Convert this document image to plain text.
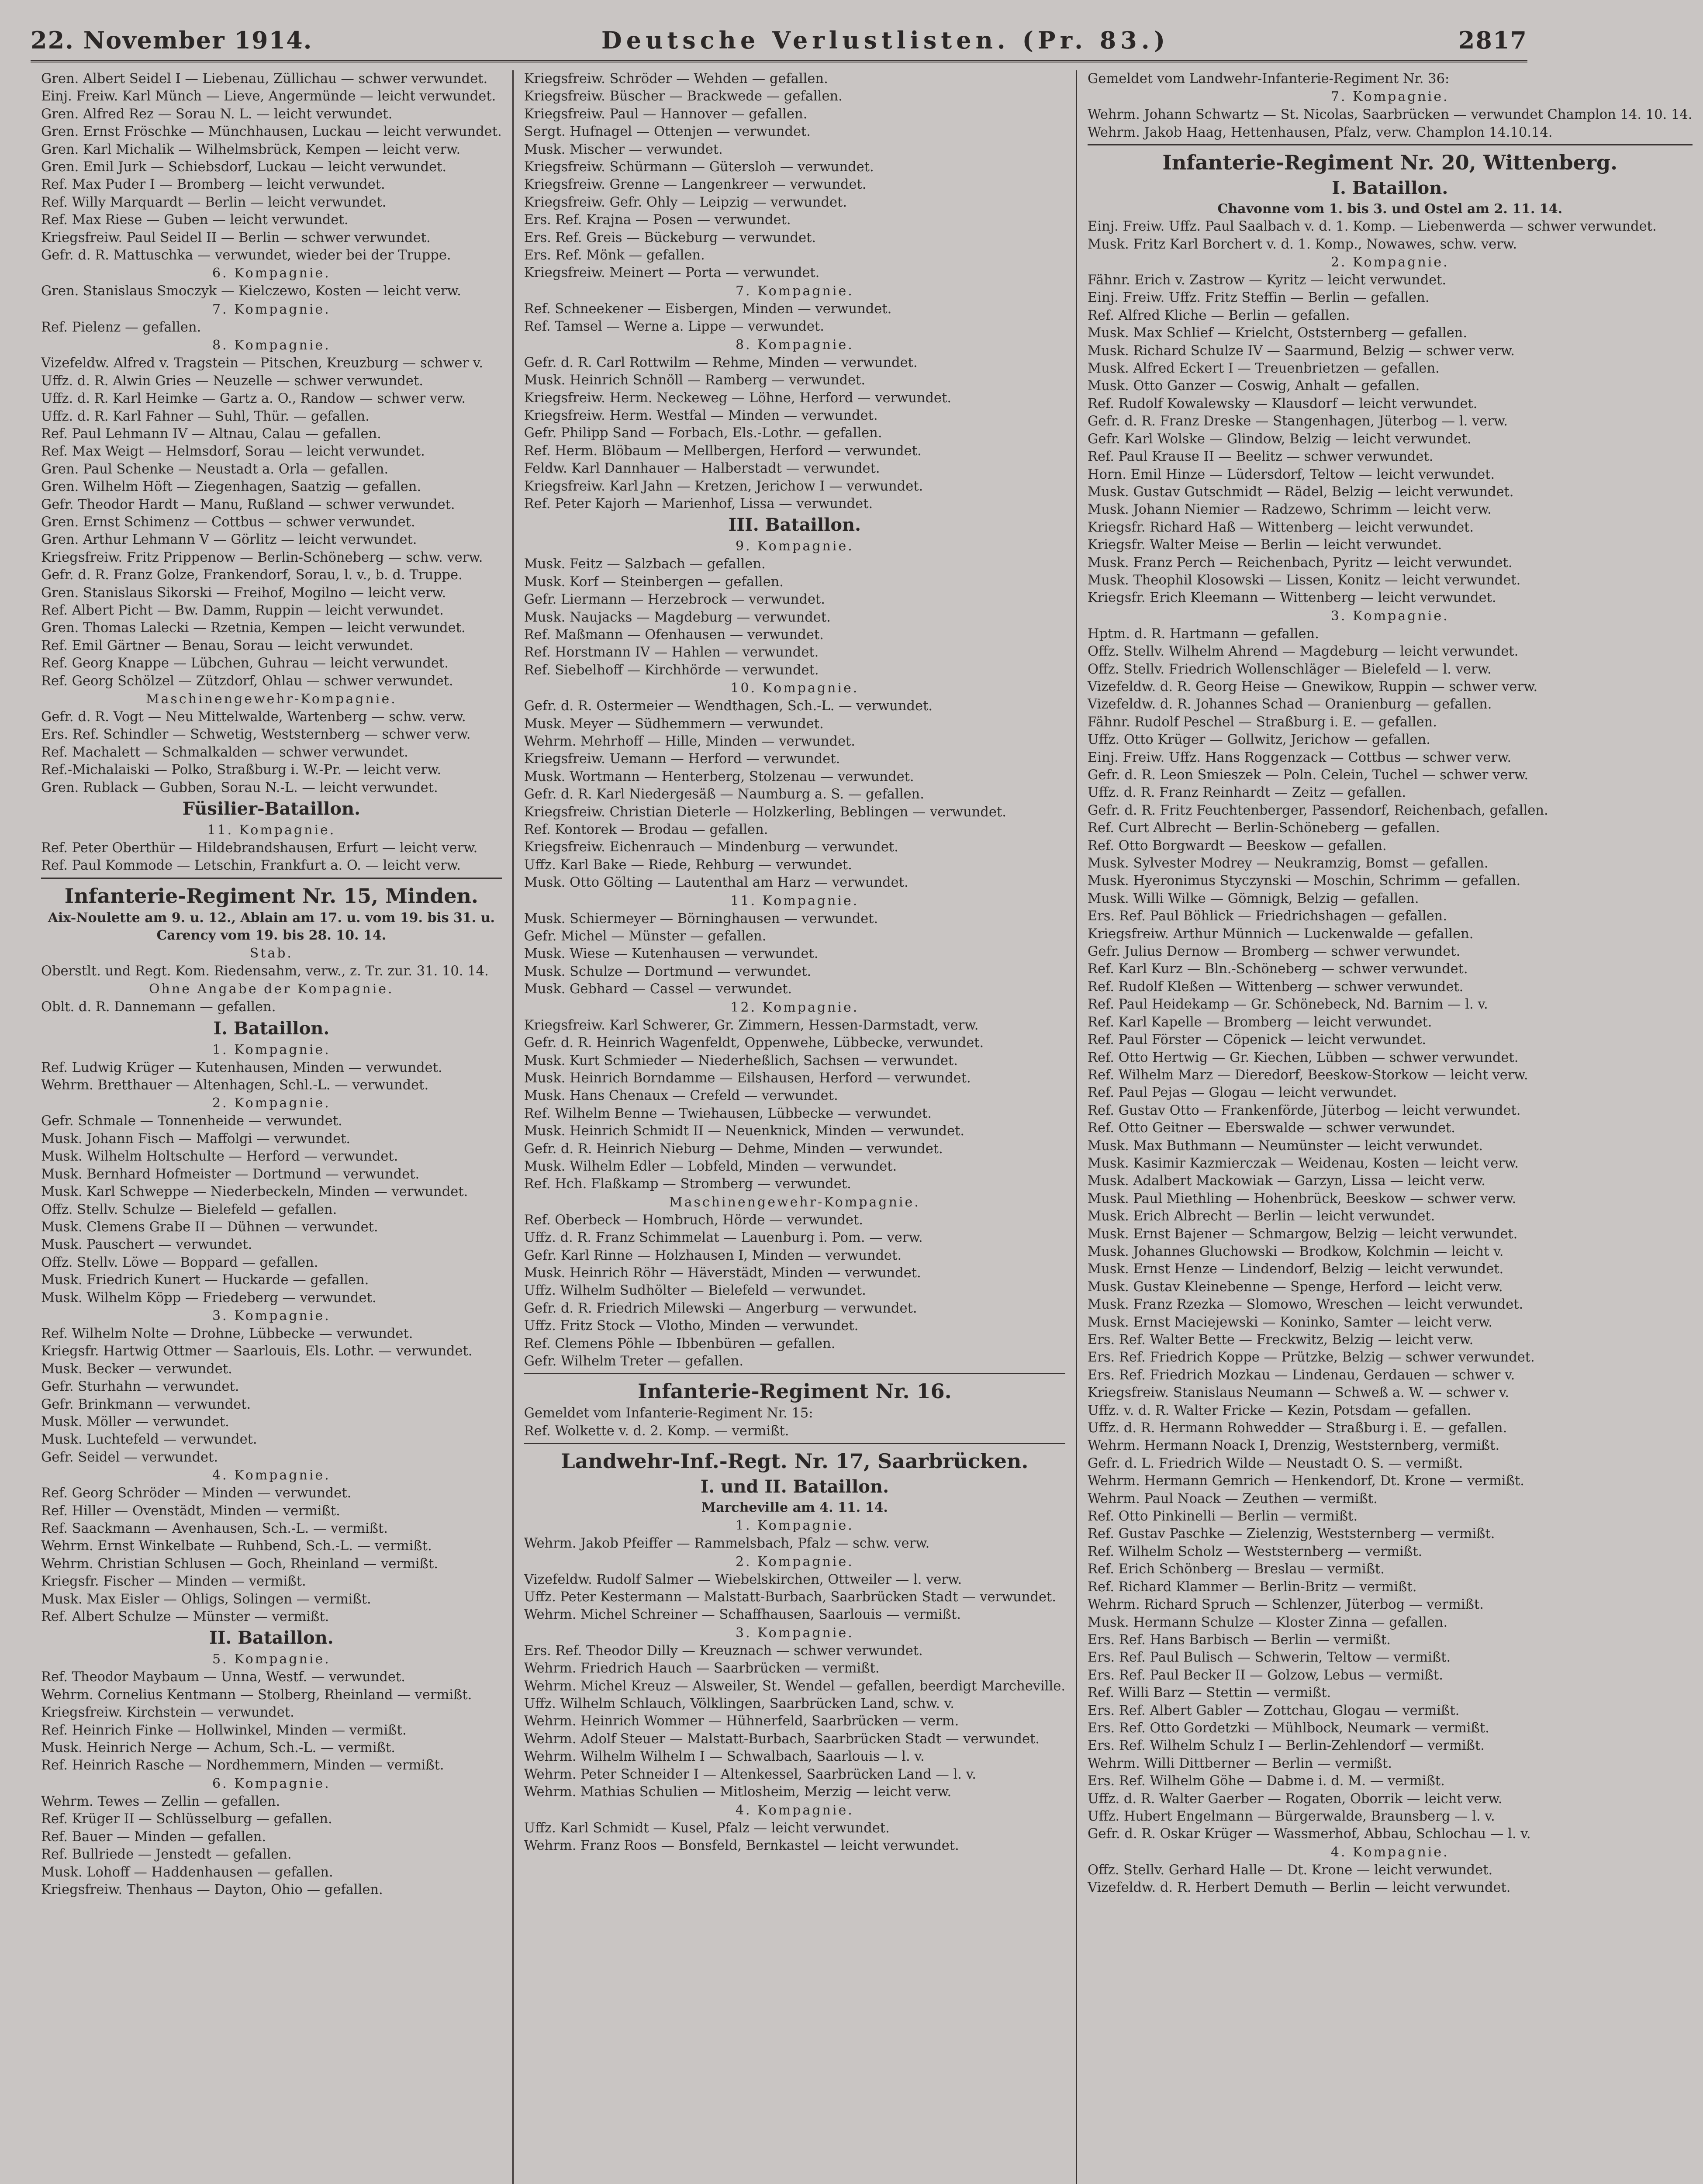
22. November 1914.	Deutsche Verlustlisten. (Pr. 83.)	2817
Gren. Albert Seidel I — Liebenau, Züllichau — schwer verwundet.
Einj. Freiw. Karl Münch — Lieve, Angermünde — leicht verwundet.
Gren. Alfred Rez — Sorau N. L. — leicht verwundet.
Gren. Ernst Fröschke — Münchhausen, Luckau — leicht verwundet.
Gren. Karl Michalik — Wilhelmsbrück, Kempen — leicht verw.
Gren. Emil Jurk — Schiebsdorf, Luckau — leicht verwundet.
Ref. Max Puder I — Bromberg — leicht verwundet.
Ref. Willy Marquardt — Berlin — leicht verwundet.
Ref. Max Riese — Guben — leicht verwundet.
Kriegsfreiw. Paul Seidel II — Berlin — schwer verwundet.
Gefr. d. R. Mattuschka — verwundet, wieder bei der Truppe.
6. Kompagnie.
Gren. Stanislaus Smoczyk — Kielczewo, Kosten — leicht verw.
7. Kompagnie.
Ref. Pielenz — gefallen.
8. Kompagnie.
Vizefeldw. Alfred v. Tragstein — Pitschen, Kreuzburg — schwer v.
Uffz. d. R. Alwin Gries — Neuzelle — schwer verwundet.
Uffz. d. R. Karl Heimke — Gartz a. O., Randow — schwer verw.
Uffz. d. R. Karl Fahner — Suhl, Thür. — gefallen.
Ref. Paul Lehmann IV — Altnau, Calau — gefallen.
Ref. Max Weigt — Helmsdorf, Sorau — leicht verwundet.
Gren. Paul Schenke — Neustadt a. Orla — gefallen.
Gren. Wilhelm Höft — Ziegenhagen, Saatzig — gefallen.
Gefr. Theodor Hardt — Manu, Rußland — schwer verwundet.
Gren. Ernst Schimenz — Cottbus — schwer verwundet.
Gren. Arthur Lehmann V — Görlitz — leicht verwundet.
Kriegsfreiw. Fritz Prippenow — Berlin-Schöneberg — schw. verw.
Gefr. d. R. Franz Golze, Frankendorf, Sorau, l. v., b. d. Truppe.
Gren. Stanislaus Sikorski — Freihof, Mogilno — leicht verw.
Ref. Albert Picht — Bw. Damm, Ruppin — leicht verwundet.
Gren. Thomas Lalecki — Rzetnia, Kempen — leicht verwundet.
Ref. Emil Gärtner — Benau, Sorau — leicht verwundet.
Ref. Georg Knappe — Lübchen, Guhrau — leicht verwundet.
Ref. Georg Schölzel — Zützdorf, Ohlau — schwer verwundet.
Maschinengewehr-Kompagnie.
Gefr. d. R. Vogt — Neu Mittelwalde, Wartenberg — schw. verw.
Ers. Ref. Schindler — Schwetig, Weststernberg — schwer verw.
Ref. Machalett — Schmalkalden — schwer verwundet.
Ref.-Michalaiski — Polko, Straßburg i. W.-Pr. — leicht verw.
Gren. Rublack — Gubben, Sorau N.-L. — leicht verwundet.
Füsilier-Bataillon.
11. Kompagnie.
Ref. Peter Oberthür — Hildebrandshausen, Erfurt — leicht verw.
Ref. Paul Kommode — Letschin, Frankfurt a. O. — leicht verw.
Infanterie-Regiment Nr. 15, Minden.
Aix-Noulette am 9. u. 12., Ablain am 17. u. vom 19. bis 31. u. Carency vom 19. bis 28. 10. 14.
Stab.
Oberstlt. und Regt. Kom. Riedensahm, verw., z. Tr. zur. 31. 10. 14.
Ohne Angabe der Kompagnie.
Oblt. d. R. Dannemann — gefallen.
I. Bataillon.
1. Kompagnie.
Ref. Ludwig Krüger — Kutenhausen, Minden — verwundet.
Wehrm. Bretthauer — Altenhagen, Schl.-L. — verwundet.
2. Kompagnie.
Gefr. Schmale — Tonnenheide — verwundet.
Musk. Johann Fisch — Maffolgi — verwundet.
Musk. Wilhelm Holtschulte — Herford — verwundet.
Musk. Bernhard Hofmeister — Dortmund — verwundet.
Musk. Karl Schweppe — Niederbeckeln, Minden — verwundet.
Offz. Stellv. Schulze — Bielefeld — gefallen.
Musk. Clemens Grabe II — Dühnen — verwundet.
Musk. Pauschert — verwundet.
Offz. Stellv. Löwe — Boppard — gefallen.
Musk. Friedrich Kunert — Huckarde — gefallen.
Musk. Wilhelm Köpp — Friedeberg — verwundet.
3. Kompagnie.
Ref. Wilhelm Nolte — Drohne, Lübbecke — verwundet.
Kriegsfr. Hartwig Ottmer — Saarlouis, Els. Lothr. — verwundet.
Musk. Becker — verwundet.
Gefr. Sturhahn — verwundet.
Gefr. Brinkmann — verwundet.
Musk. Möller — verwundet.
Musk. Luchtefeld — verwundet.
Gefr. Seidel — verwundet.
4. Kompagnie.
Ref. Georg Schröder — Minden — verwundet.
Ref. Hiller — Ovenstädt, Minden — vermißt.
Ref. Saackmann — Avenhausen, Sch.-L. — vermißt.
Wehrm. Ernst Winkelbate — Ruhbend, Sch.-L. — vermißt.
Wehrm. Christian Schlusen — Goch, Rheinland — vermißt.
Kriegsfr. Fischer — Minden — vermißt.
Musk. Max Eisler — Ohligs, Solingen — vermißt.
Ref. Albert Schulze — Münster — vermißt.
II. Bataillon.
5. Kompagnie.
Ref. Theodor Maybaum — Unna, Westf. — verwundet.
Wehrm. Cornelius Kentmann — Stolberg, Rheinland — vermißt.
Kriegsfreiw. Kirchstein — verwundet.
Ref. Heinrich Finke — Hollwinkel, Minden — vermißt.
Musk. Heinrich Nerge — Achum, Sch.-L. — vermißt.
Ref. Heinrich Rasche — Nordhemmern, Minden — vermißt.
6. Kompagnie.
Wehrm. Tewes — Zellin — gefallen.
Ref. Krüger II — Schlüsselburg — gefallen.
Ref. Bauer — Minden — gefallen.
Ref. Bullriede — Jenstedt — gefallen.
Musk. Lohoff — Haddenhausen — gefallen.
Kriegsfreiw. Thenhaus — Dayton, Ohio — gefallen.
Kriegsfreiw. Schröder — Wehden — gefallen.
Kriegsfreiw. Büscher — Brackwede — gefallen.
Kriegsfreiw. Paul — Hannover — gefallen.
Sergt. Hufnagel — Ottenjen — verwundet.
Musk. Mischer — verwundet.
Kriegsfreiw. Schürmann — Gütersloh — verwundet.
Kriegsfreiw. Grenne — Langenkreer — verwundet.
Kriegsfreiw. Gefr. Ohly — Leipzig — verwundet.
Ers. Ref. Krajna — Posen — verwundet.
Ers. Ref. Greis — Bückeburg — verwundet.
Ers. Ref. Mönk — gefallen.
Kriegsfreiw. Meinert — Porta — verwundet.
7. Kompagnie.
Ref. Schneekener — Eisbergen, Minden — verwundet.
Ref. Tamsel — Werne a. Lippe — verwundet.
8. Kompagnie.
Gefr. d. R. Carl Rottwilm — Rehme, Minden — verwundet.
Musk. Heinrich Schnöll — Ramberg — verwundet.
Kriegsfreiw. Herm. Neckeweg — Löhne, Herford — verwundet.
Kriegsfreiw. Herm. Westfal — Minden — verwundet.
Gefr. Philipp Sand — Forbach, Els.-Lothr. — gefallen.
Ref. Herm. Blöbaum — Mellbergen, Herford — verwundet.
Feldw. Karl Dannhauer — Halberstadt — verwundet.
Kriegsfreiw. Karl Jahn — Kretzen, Jerichow I — verwundet.
Ref. Peter Kajorh — Marienhof, Lissa — verwundet.
III. Bataillon.
9. Kompagnie.
Musk. Feitz — Salzbach — gefallen.
Musk. Korf — Steinbergen — gefallen.
Gefr. Liermann — Herzebrock — verwundet.
Musk. Naujacks — Magdeburg — verwundet.
Ref. Maßmann — Ofenhausen — verwundet.
Ref. Horstmann IV — Hahlen — verwundet.
Ref. Siebelhoff — Kirchhörde — verwundet.
10. Kompagnie.
Gefr. d. R. Ostermeier — Wendthagen, Sch.-L. — verwundet.
Musk. Meyer — Südhemmern — verwundet.
Wehrm. Mehrhoff — Hille, Minden — verwundet.
Kriegsfreiw. Uemann — Herford — verwundet.
Musk. Wortmann — Henterberg, Stolzenau — verwundet.
Gefr. d. R. Karl Niedergesäß — Naumburg a. S. — gefallen.
Kriegsfreiw. Christian Dieterle — Holzkerling, Beblingen — verwundet.
Ref. Kontorek — Brodau — gefallen.
Kriegsfreiw. Eichenrauch — Mindenburg — verwundet.
Uffz. Karl Bake — Riede, Rehburg — verwundet.
Musk. Otto Gölting — Lautenthal am Harz — verwundet.
11. Kompagnie.
Musk. Schiermeyer — Börninghausen — verwundet.
Gefr. Michel — Münster — gefallen.
Musk. Wiese — Kutenhausen — verwundet.
Musk. Schulze — Dortmund — verwundet.
Musk. Gebhard — Cassel — verwundet.
12. Kompagnie.
Kriegsfreiw. Karl Schwerer, Gr. Zimmern, Hessen-Darmstadt, verw.
Gefr. d. R. Heinrich Wagenfeldt, Oppenwehe, Lübbecke, verwundet.
Musk. Kurt Schmieder — Niederheßlich, Sachsen — verwundet.
Musk. Heinrich Borndamme — Eilshausen, Herford — verwundet.
Musk. Hans Chenaux — Crefeld — verwundet.
Ref. Wilhelm Benne — Twiehausen, Lübbecke — verwundet.
Musk. Heinrich Schmidt II — Neuenknick, Minden — verwundet.
Gefr. d. R. Heinrich Nieburg — Dehme, Minden — verwundet.
Musk. Wilhelm Edler — Lobfeld, Minden — verwundet.
Ref. Hch. Flaßkamp — Stromberg — verwundet.
Maschinengewehr-Kompagnie.
Ref. Oberbeck — Hombruch, Hörde — verwundet.
Uffz. d. R. Franz Schimmelat — Lauenburg i. Pom. — verw.
Gefr. Karl Rinne — Holzhausen I, Minden — verwundet.
Musk. Heinrich Röhr — Häverstädt, Minden — verwundet.
Uffz. Wilhelm Sudhölter — Bielefeld — verwundet.
Gefr. d. R. Friedrich Milewski — Angerburg — verwundet.
Uffz. Fritz Stock — Vlotho, Minden — verwundet.
Ref. Clemens Pöhle — Ibbenbüren — gefallen.
Gefr. Wilhelm Treter — gefallen.
Infanterie-Regiment Nr. 16.
Gemeldet vom Infanterie-Regiment Nr. 15:
Ref. Wolkette v. d. 2. Komp. — vermißt.
Landwehr-Inf.-Regt. Nr. 17, Saarbrücken.
I. und II. Bataillon.
Marcheville am 4. 11. 14.
1. Kompagnie.
Wehrm. Jakob Pfeiffer — Rammelsbach, Pfalz — schw. verw.
2. Kompagnie.
Vizefeldw. Rudolf Salmer — Wiebelskirchen, Ottweiler — l. verw.
Uffz. Peter Kestermann — Malstatt-Burbach, Saarbrücken Stadt — verwundet.
Wehrm. Michel Schreiner — Schaffhausen, Saarlouis — vermißt.
3. Kompagnie.
Ers. Ref. Theodor Dilly — Kreuznach — schwer verwundet.
Wehrm. Friedrich Hauch — Saarbrücken — vermißt.
Wehrm. Michel Kreuz — Alsweiler, St. Wendel — gefallen, beerdigt Marcheville.
Uffz. Wilhelm Schlauch, Völklingen, Saarbrücken Land, schw. v.
Wehrm. Heinrich Wommer — Hühnerfeld, Saarbrücken — verm.
Wehrm. Adolf Steuer — Malstatt-Burbach, Saarbrücken Stadt — verwundet.
Wehrm. Wilhelm Wilhelm I — Schwalbach, Saarlouis — l. v.
Wehrm. Peter Schneider I — Altenkessel, Saarbrücken Land — l. v.
Wehrm. Mathias Schulien — Mitlosheim, Merzig — leicht verw.
4. Kompagnie.
Uffz. Karl Schmidt — Kusel, Pfalz — leicht verwundet.
Wehrm. Franz Roos — Bonsfeld, Bernkastel — leicht verwundet.
Gemeldet vom Landwehr-Infanterie-Regiment Nr. 36:
7. Kompagnie.
Wehrm. Johann Schwartz — St. Nicolas, Saarbrücken — verwundet Champlon 14. 10. 14.
Wehrm. Jakob Haag, Hettenhausen, Pfalz, verw. Champlon 14.10.14.
Infanterie-Regiment Nr. 20, Wittenberg.
I. Bataillon.
Chavonne vom 1. bis 3. und Ostel am 2. 11. 14.
Einj. Freiw. Uffz. Paul Saalbach v. d. 1. Komp. — Liebenwerda — schwer verwundet.
Musk. Fritz Karl Borchert v. d. 1. Komp., Nowawes, schw. verw.
2. Kompagnie.
Fähnr. Erich v. Zastrow — Kyritz — leicht verwundet.
Einj. Freiw. Uffz. Fritz Steffin — Berlin — gefallen.
Ref. Alfred Kliche — Berlin — gefallen.
Musk. Max Schlief — Krielcht, Oststernberg — gefallen.
Musk. Richard Schulze IV — Saarmund, Belzig — schwer verw.
Musk. Alfred Eckert I — Treuenbrietzen — gefallen.
Musk. Otto Ganzer — Coswig, Anhalt — gefallen.
Ref. Rudolf Kowalewsky — Klausdorf — leicht verwundet.
Gefr. d. R. Franz Dreske — Stangenhagen, Jüterbog — l. verw.
Gefr. Karl Wolske — Glindow, Belzig — leicht verwundet.
Ref. Paul Krause II — Beelitz — schwer verwundet.
Horn. Emil Hinze — Lüdersdorf, Teltow — leicht verwundet.
Musk. Gustav Gutschmidt — Rädel, Belzig — leicht verwundet.
Musk. Johann Niemier — Radzewo, Schrimm — leicht verw.
Kriegsfr. Richard Haß — Wittenberg — leicht verwundet.
Kriegsfr. Walter Meise — Berlin — leicht verwundet.
Musk. Franz Perch — Reichenbach, Pyritz — leicht verwundet.
Musk. Theophil Klosowski — Lissen, Konitz — leicht verwundet.
Kriegsfr. Erich Kleemann — Wittenberg — leicht verwundet.
3. Kompagnie.
Hptm. d. R. Hartmann — gefallen.
Offz. Stellv. Wilhelm Ahrend — Magdeburg — leicht verwundet.
Offz. Stellv. Friedrich Wollenschläger — Bielefeld — l. verw.
Vizefeldw. d. R. Georg Heise — Gnewikow, Ruppin — schwer verw.
Vizefeldw. d. R. Johannes Schad — Oranienburg — gefallen.
Fähnr. Rudolf Peschel — Straßburg i. E. — gefallen.
Uffz. Otto Krüger — Gollwitz, Jerichow — gefallen.
Einj. Freiw. Uffz. Hans Roggenzack — Cottbus — schwer verw.
Gefr. d. R. Leon Smieszek — Poln. Celein, Tuchel — schwer verw.
Uffz. d. R. Franz Reinhardt — Zeitz — gefallen.
Gefr. d. R. Fritz Feuchtenberger, Passendorf, Reichenbach, gefallen.
Ref. Curt Albrecht — Berlin-Schöneberg — gefallen.
Ref. Otto Borgwardt — Beeskow — gefallen.
Musk. Sylvester Modrey — Neukramzig, Bomst — gefallen.
Musk. Hyeronimus Styczynski — Moschin, Schrimm — gefallen.
Musk. Willi Wilke — Gömnigk, Belzig — gefallen.
Ers. Ref. Paul Böhlick — Friedrichshagen — gefallen.
Kriegsfreiw. Arthur Münnich — Luckenwalde — gefallen.
Gefr. Julius Dernow — Bromberg — schwer verwundet.
Ref. Karl Kurz — Bln.-Schöneberg — schwer verwundet.
Ref. Rudolf Kleßen — Wittenberg — schwer verwundet.
Ref. Paul Heidekamp — Gr. Schönebeck, Nd. Barnim — l. v.
Ref. Karl Kapelle — Bromberg — leicht verwundet.
Ref. Paul Förster — Cöpenick — leicht verwundet.
Ref. Otto Hertwig — Gr. Kiechen, Lübben — schwer verwundet.
Ref. Wilhelm Marz — Dieredorf, Beeskow-Storkow — leicht verw.
Ref. Paul Pejas — Glogau — leicht verwundet.
Ref. Gustav Otto — Frankenförde, Jüterbog — leicht verwundet.
Ref. Otto Geitner — Eberswalde — schwer verwundet.
Musk. Max Buthmann — Neumünster — leicht verwundet.
Musk. Kasimir Kazmierczak — Weidenau, Kosten — leicht verw.
Musk. Adalbert Mackowiak — Garzyn, Lissa — leicht verw.
Musk. Paul Miethling — Hohenbrück, Beeskow — schwer verw.
Musk. Erich Albrecht — Berlin — leicht verwundet.
Musk. Ernst Bajener — Schmargow, Belzig — leicht verwundet.
Musk. Johannes Gluchowski — Brodkow, Kolchmin — leicht v.
Musk. Ernst Henze — Lindendorf, Belzig — leicht verwundet.
Musk. Gustav Kleinebenne — Spenge, Herford — leicht verw.
Musk. Franz Rzezka — Slomowo, Wreschen — leicht verwundet.
Musk. Ernst Maciejewski — Koninko, Samter — leicht verw.
Ers. Ref. Walter Bette — Freckwitz, Belzig — leicht verw.
Ers. Ref. Friedrich Koppe — Prützke, Belzig — schwer verwundet.
Ers. Ref. Friedrich Mozkau — Lindenau, Gerdauen — schwer v.
Kriegsfreiw. Stanislaus Neumann — Schweß a. W. — schwer v.
Uffz. v. d. R. Walter Fricke — Kezin, Potsdam — gefallen.
Uffz. d. R. Hermann Rohwedder — Straßburg i. E. — gefallen.
Wehrm. Hermann Noack I, Drenzig, Weststernberg, vermißt.
Gefr. d. L. Friedrich Wilde — Neustadt O. S. — vermißt.
Wehrm. Hermann Gemrich — Henkendorf, Dt. Krone — vermißt.
Wehrm. Paul Noack — Zeuthen — vermißt.
Ref. Otto Pinkinelli — Berlin — vermißt.
Ref. Gustav Paschke — Zielenzig, Weststernberg — vermißt.
Ref. Wilhelm Scholz — Weststernberg — vermißt.
Ref. Erich Schönberg — Breslau — vermißt.
Ref. Richard Klammer — Berlin-Britz — vermißt.
Wehrm. Richard Spruch — Schlenzer, Jüterbog — vermißt.
Musk. Hermann Schulze — Kloster Zinna — gefallen.
Ers. Ref. Hans Barbisch — Berlin — vermißt.
Ers. Ref. Paul Bulisch — Schwerin, Teltow — vermißt.
Ers. Ref. Paul Becker II — Golzow, Lebus — vermißt.
Ref. Willi Barz — Stettin — vermißt.
Ers. Ref. Albert Gabler — Zottchau, Glogau — vermißt.
Ers. Ref. Otto Gordetzki — Mühlbock, Neumark — vermißt.
Ers. Ref. Wilhelm Schulz I — Berlin-Zehlendorf — vermißt.
Wehrm. Willi Dittberner — Berlin — vermißt.
Ers. Ref. Wilhelm Göhe — Dabme i. d. M. — vermißt.
Uffz. d. R. Walter Gaerber — Rogaten, Oborrik — leicht verw.
Uffz. Hubert Engelmann — Bürgerwalde, Braunsberg — l. v.
Gefr. d. R. Oskar Krüger — Wassmerhof, Abbau, Schlochau — l. v.
4. Kompagnie.
Offz. Stellv. Gerhard Halle — Dt. Krone — leicht verwundet.
Vizefeldw. d. R. Herbert Demuth — Berlin — leicht verwundet.
